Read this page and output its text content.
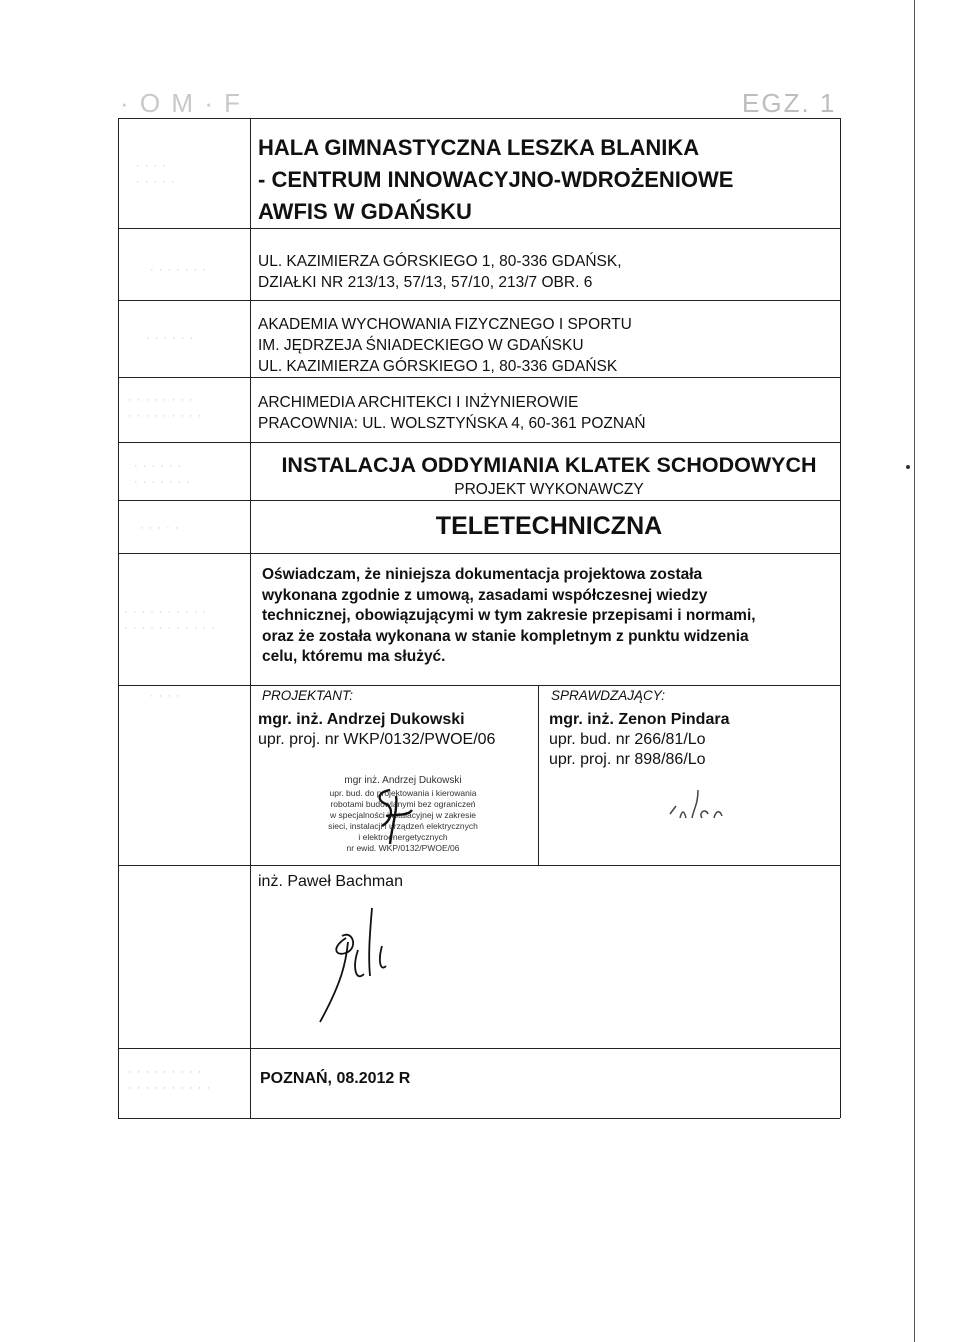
· O M · F	EGZ. 1
· · · ·
· · · · ·
· · · · · · ·
· · · · · ·
· · · · · · · ·
· · · · · · · · ·
· · · · · ·
· · · · · · ·
· · · · ·
· · · · · · · · · ·
· · · · · · · · · · ·
· · · ·
· · · · · · · · ·
· · · · · · · · · ·
HALA GIMNASTYCZNA LESZKA BLANIKA
- CENTRUM INNOWACYJNO-WDROŻENIOWE
AWFIS W GDAŃSKU
UL. KAZIMIERZA GÓRSKIEGO 1, 80-336 GDAŃSK,
DZIAŁKI NR 213/13, 57/13, 57/10, 213/7 OBR. 6
AKADEMIA WYCHOWANIA FIZYCZNEGO I SPORTU
IM. JĘDRZEJA ŚNIADECKIEGO W GDAŃSKU
UL. KAZIMIERZA GÓRSKIEGO 1, 80-336 GDAŃSK
ARCHIMEDIA ARCHITEKCI I INŻYNIEROWIE
PRACOWNIA: UL. WOLSZTYŃSKA 4, 60-361 POZNAŃ
INSTALACJA ODDYMIANIA KLATEK SCHODOWYCH
PROJEKT WYKONAWCZY
TELETECHNICZNA
Oświadczam, że niniejsza dokumentacja projektowa została
wykonana zgodnie z umową, zasadami współczesnej wiedzy
technicznej, obowiązującymi w tym zakresie przepisami i normami,
oraz że została wykonana w stanie kompletnym z punktu widzenia
celu, któremu ma służyć.
PROJEKTANT:
mgr. inż. Andrzej Dukowski
upr. proj. nr WKP/0132/PWOE/06
mgr inż. Andrzej Dukowski
upr. bud. do projektowania i kierowania
robotami budowlanymi bez ograniczeń
w specjalności instalacyjnej w zakresie
sieci, instalacji i urządzeń elektrycznych
i elektroenergetycznych
nr ewid. WKP/0132/PWOE/06
SPRAWDZAJĄCY:
mgr. inż. Zenon Pindara
upr. bud. nr 266/81/Lo
upr. proj. nr 898/86/Lo
inż. Paweł Bachman
POZNAŃ, 08.2012 R
